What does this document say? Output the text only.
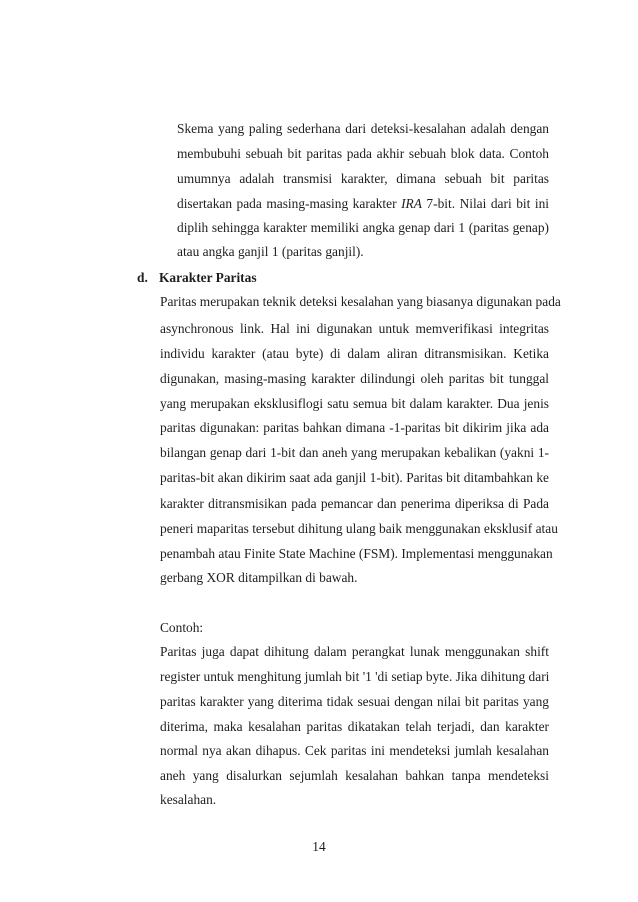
Skema yang paling sederhana dari deteksi-kesalahan adalah dengan
membubuhi sebuah bit paritas pada akhir sebuah blok data. Contoh
umumnya adalah transmisi karakter, dimana sebuah bit paritas
disertakan pada masing-masing karakter IRA 7-bit. Nilai dari bit ini
diplih sehingga karakter memiliki angka genap dari 1 (paritas genap)
atau angka ganjil 1 (paritas ganjil).
d. Karakter Paritas
Paritas merupakan teknik deteksi kesalahan yang biasanya digunakan pada
asynchronous link. Hal ini digunakan untuk memverifikasi integritas
individu karakter (atau byte) di dalam aliran ditransmisikan. Ketika
digunakan, masing-masing karakter dilindungi oleh paritas bit tunggal
yang merupakan eksklusiflogi satu semua bit dalam karakter. Dua jenis
paritas digunakan: paritas bahkan dimana -1-paritas bit dikirim jika ada
bilangan genap dari 1-bit dan aneh yang merupakan kebalikan (yakni 1-
paritas-bit akan dikirim saat ada ganjil 1-bit). Paritas bit ditambahkan ke
karakter ditransmisikan pada pemancar dan penerima diperiksa di Pada
peneri maparitas tersebut dihitung ulang baik menggunakan eksklusif atau
penambah atau Finite State Machine (FSM). Implementasi menggunakan
gerbang XOR ditampilkan di bawah.
Contoh:
Paritas juga dapat dihitung dalam perangkat lunak menggunakan shift
register untuk menghitung jumlah bit '1 'di setiap byte. Jika dihitung dari
paritas karakter yang diterima tidak sesuai dengan nilai bit paritas yang
diterima, maka kesalahan paritas dikatakan telah terjadi, dan karakter
normal nya akan dihapus. Cek paritas ini mendeteksi jumlah kesalahan
aneh yang disalurkan sejumlah kesalahan bahkan tanpa mendeteksi
kesalahan.
14
